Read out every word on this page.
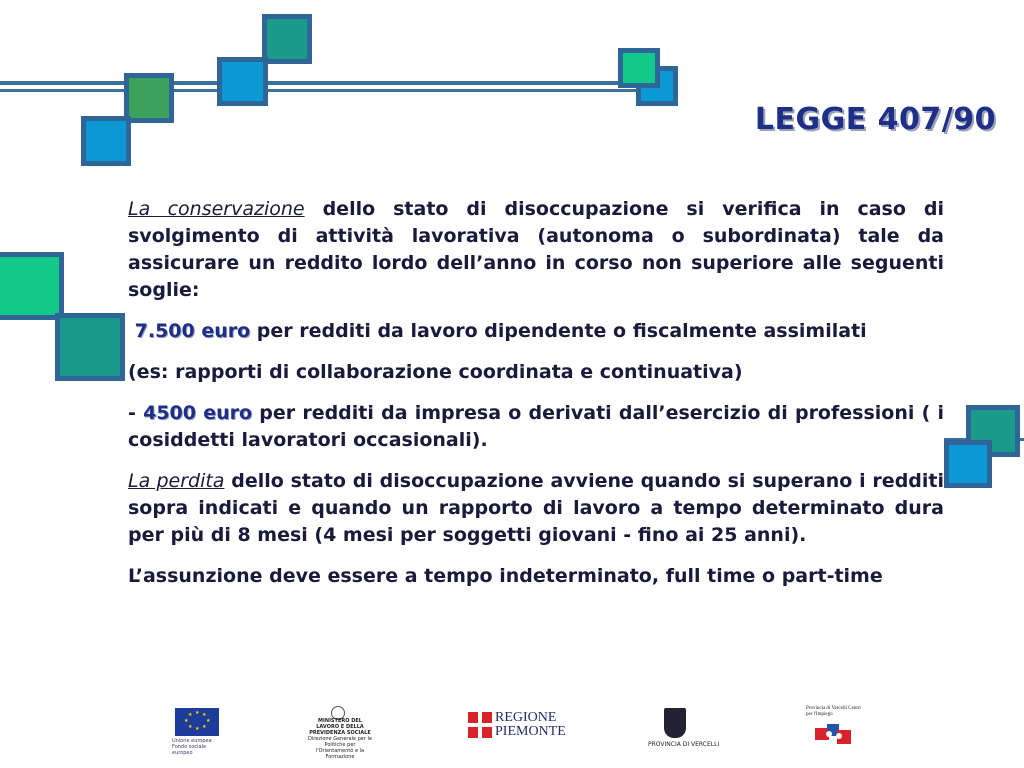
LEGGE 407/90

La conservazione dello stato di disoccupazione si verifica in caso di svolgimento di attività lavorativa (autonoma o subordinata) tale da assicurare un reddito lordo dell’anno in corso non superiore alle seguenti soglie:

7.500 euro per redditi da lavoro dipendente o fiscalmente assimilati

(es: rapporti di collaborazione coordinata e continuativa)

- 4500 euro per redditi da impresa o derivati dall’esercizio di professioni ( i cosiddetti lavoratori occasionali).

La perdita dello stato di disoccupazione avviene quando si superano i redditi sopra indicati e quando un rapporto di lavoro a tempo determinato dura per più di 8 mesi (4 mesi per soggetti giovani - fino ai 25 anni).

L’assunzione deve essere a tempo indeterminato, full time o part-time

★ ★
★
★
★
★
★
★
Unione europea Fondo sociale europeo
MINISTERO DEL LAVORO E DELLA PREVIDENZA SOCIALE
Direzione Generale per le Politiche per l'Orientamento e la Formazione
REGIONE
PIEMONTE
PROVINCIA DI VERCELLI
Provincia di Vercelli Centri per l'Impiego
